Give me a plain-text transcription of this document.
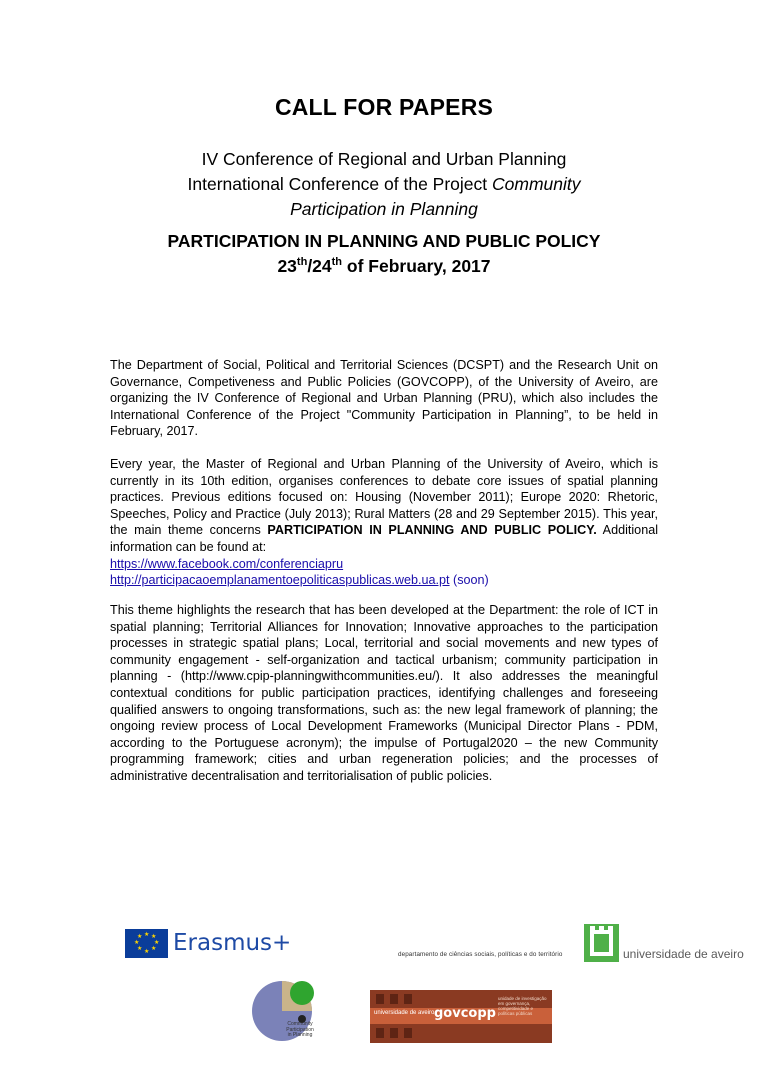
CALL FOR PAPERS
IV Conference of Regional and Urban Planning
International Conference of the Project Community
Participation in Planning
PARTICIPATION IN PLANNING AND PUBLIC POLICY
23th/24th of February, 2017
The Department of Social, Political and Territorial Sciences (DCSPT) and the Research Unit on Governance, Competiveness and Public Policies (GOVCOPP), of the University of Aveiro, are organizing the IV Conference of Regional and Urban Planning (PRU), which also includes the International Conference of the Project "Community Participation in Planning”, to be held in February, 2017.
Every year, the Master of Regional and Urban Planning of the University of Aveiro, which is currently in its 10th edition, organises conferences to debate core issues of spatial planning practices. Previous editions focused on: Housing (November 2011); Europe 2020: Rhetoric, Speeches, Policy and Practice (July 2013); Rural Matters (28 and 29 September 2015). This year, the main theme concerns PARTICIPATION IN PLANNING AND PUBLIC POLICY. Additional information can be found at:
https://www.facebook.com/conferenciapru
http://participacaoemplanamentoepoliticaspublicas.web.ua.pt (soon)
This theme highlights the research that has been developed at the Department: the role of ICT in spatial planning; Territorial Alliances for Innovation; Innovative approaches to the participation processes in strategic spatial plans; Local, territorial and social movements and new types of community engagement - self-organization and tactical urbanism; community participation in planning - (http://www.cpip-planningwithcommunities.eu/). It also addresses the meaningful contextual conditions for public participation practices, identifying challenges and foreseeing qualified answers to ongoing transformations, such as: the new legal framework of planning; the ongoing review process of Local Development Frameworks (Municipal Director Plans - PDM, according to the Portuguese acronym); the impulse of Portugal2020 – the new Community programming framework; cities and urban regeneration policies; and the processes of administrative decentralisation and territorialisation of public policies.
★ ★
★
★
★
★
★
★ Erasmus+	departamento de ciências sociais, políticas e do território	universidade de aveiro
Community
Participation
in Planning
universidade de aveiro govcopp
unidade de investigação em governança, competitividade e políticas públicas
